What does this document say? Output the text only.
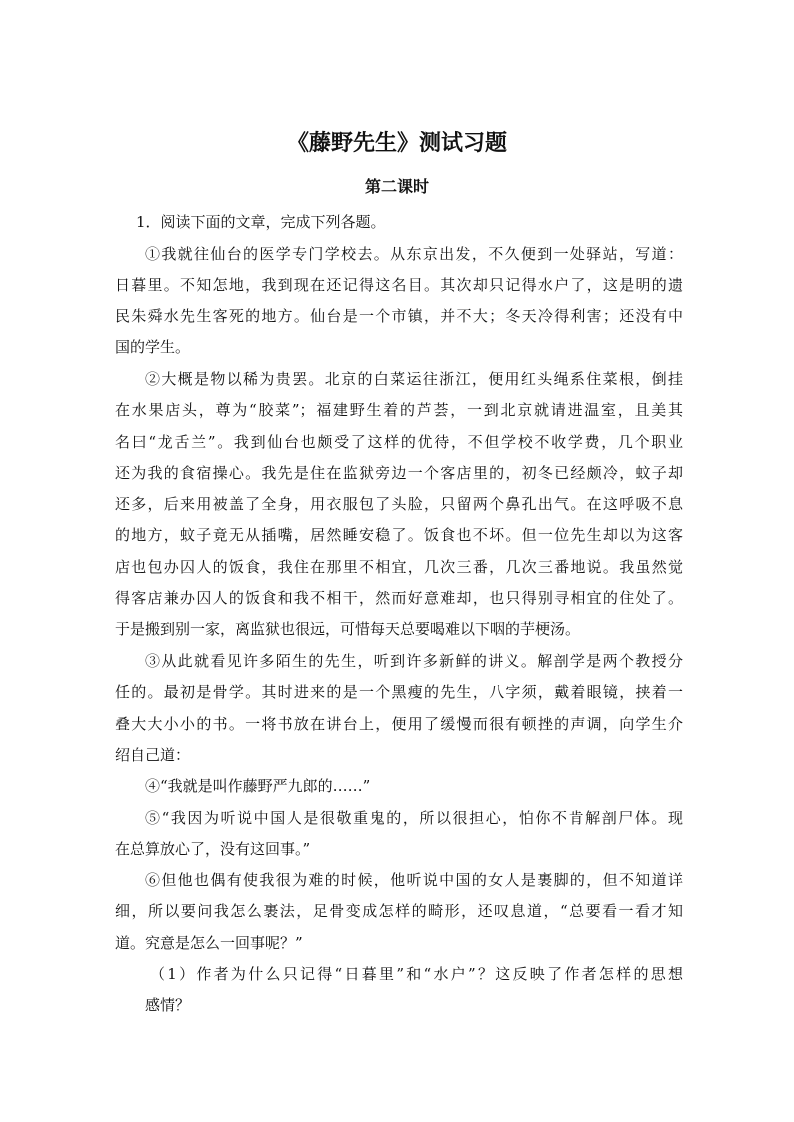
《藤野先生》测试习题
第二课时
1．阅读下面的文章，完成下列各题。
①我就往仙台的医学专门学校去。从东京出发，不久便到一处驿站，写道：
日暮里。不知怎地，我到现在还记得这名目。其次却只记得水户了，这是明的遗
民朱舜水先生客死的地方。仙台是一个市镇，并不大；冬天冷得利害；还没有中
国的学生。
②大概是物以稀为贵罢。北京的白菜运往浙江，便用红头绳系住菜根，倒挂
在水果店头，尊为“胶菜”；福建野生着的芦荟，一到北京就请进温室，且美其
名曰“龙舌兰”。我到仙台也颇受了这样的优待，不但学校不收学费，几个职业
还为我的食宿操心。我先是住在监狱旁边一个客店里的，初冬已经颇冷，蚊子却
还多，后来用被盖了全身，用衣服包了头脸，只留两个鼻孔出气。在这呼吸不息
的地方，蚊子竟无从插嘴，居然睡安稳了。饭食也不坏。但一位先生却以为这客
店也包办囚人的饭食，我住在那里不相宜，几次三番，几次三番地说。我虽然觉
得客店兼办囚人的饭食和我不相干，然而好意难却，也只得别寻相宜的住处了。
于是搬到别一家，离监狱也很远，可惜每天总要喝难以下咽的芋梗汤。
③从此就看见许多陌生的先生，听到许多新鲜的讲义。解剖学是两个教授分
任的。最初是骨学。其时进来的是一个黑瘦的先生，八字须，戴着眼镜，挟着一
叠大大小小的书。一将书放在讲台上，便用了缓慢而很有顿挫的声调，向学生介
绍自己道：
④“我就是叫作藤野严九郎的……”
⑤“我因为听说中国人是很敬重鬼的，所以很担心，怕你不肯解剖尸体。现
在总算放心了，没有这回事。”
⑥但他也偶有使我很为难的时候，他听说中国的女人是裹脚的，但不知道详
细，所以要问我怎么裹法，足骨变成怎样的畸形，还叹息道，“总要看一看才知
道。究意是怎么一回事呢？”
（1）作者为什么只记得“日暮里”和“水户”？这反映了作者怎样的思想
感情？
